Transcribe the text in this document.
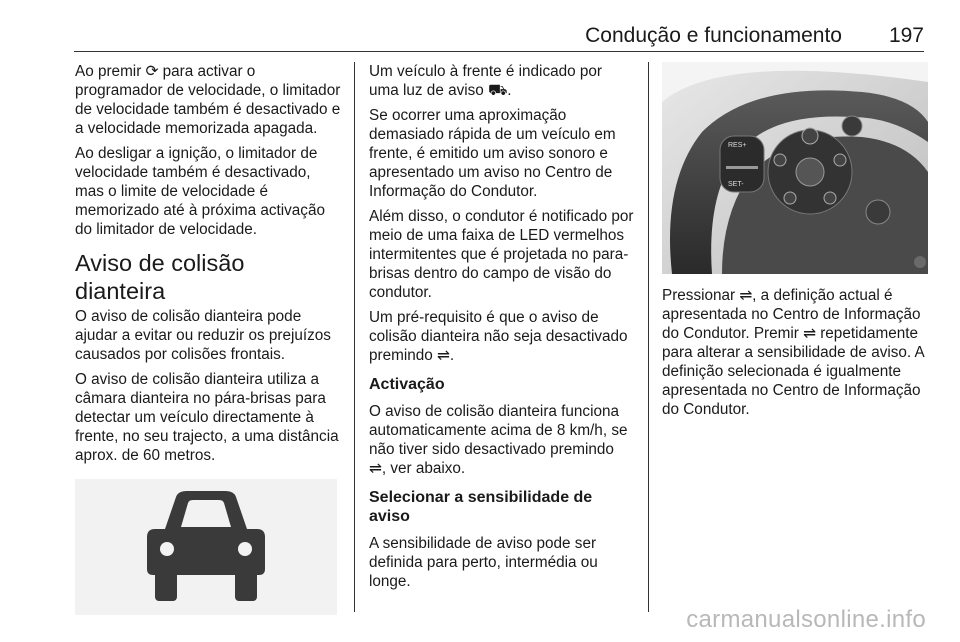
Condução e funcionamento 197

Ao premir ⟳ para activar o programador de velocidade, o limitador de velocidade também é desactivado e a velocidade memorizada apagada.

Ao desligar a ignição, o limitador de velocidade também é desactivado, mas o limite de velocidade é memorizado até à próxima activação do limitador de velocidade.

Aviso de colisão dianteira

O aviso de colisão dianteira pode ajudar a evitar ou reduzir os prejuízos causados por colisões frontais.

O aviso de colisão dianteira utiliza a câmara dianteira no pára-brisas para detectar um veículo directamente à frente, no seu trajecto, a uma distância aprox. de 60 metros.

Um veículo à frente é indicado por uma luz de aviso ⛟.

Se ocorrer uma aproximação demasiado rápida de um veículo em frente, é emitido um aviso sonoro e apresentado um aviso no Centro de Informação do Condutor.

Além disso, o condutor é notificado por meio de uma faixa de LED vermelhos intermitentes que é projetada no para-brisas dentro do campo de visão do condutor.

Um pré-requisito é que o aviso de colisão dianteira não seja desactivado premindo ⇌.

Activação

O aviso de colisão dianteira funciona automaticamente acima de 8 km/h, se não tiver sido desactivado premindo ⇌, ver abaixo.

Selecionar a sensibilidade de aviso

A sensibilidade de aviso pode ser definida para perto, intermédia ou longe.

RES+
SET-

Pressionar ⇌, a definição actual é apresentada no Centro de Informação do Condutor. Premir ⇌ repetidamente para alterar a sensibilidade de aviso. A definição selecionada é igualmente apresentada no Centro de Informação do Condutor.

carmanualsonline.info
